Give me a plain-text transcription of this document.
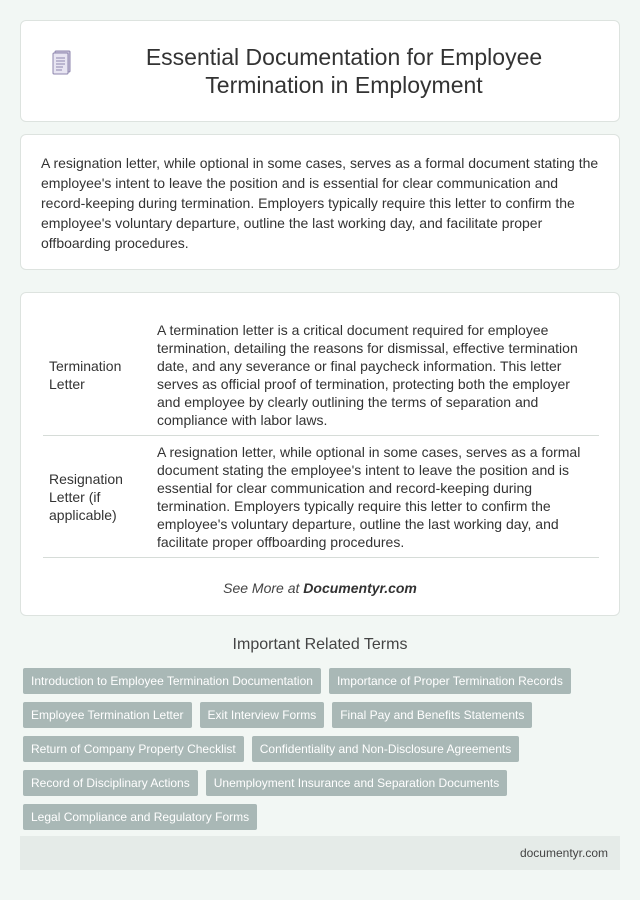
Essential Documentation for Employee Termination in Employment

A resignation letter, while optional in some cases, serves as a formal document stating the employee's intent to leave the position and is essential for clear communication and record-keeping during termination. Employers typically require this letter to confirm the employee's voluntary departure, outline the last working day, and facilitate proper offboarding procedures.

Termination Letter	A termination letter is a critical document required for employee termination, detailing the reasons for dismissal, effective termination date, and any severance or final paycheck information. This letter serves as official proof of termination, protecting both the employer and employee by clearly outlining the terms of separation and compliance with labor laws.
Resignation Letter (if applicable)	A resignation letter, while optional in some cases, serves as a formal document stating the employee's intent to leave the position and is essential for clear communication and record-keeping during termination. Employers typically require this letter to confirm the employee's voluntary departure, outline the last working day, and facilitate proper offboarding procedures.
See More at Documentyr.com
Important Related Terms
Introduction to Employee Termination Documentation	Importance of Proper Termination Records
Employee Termination Letter	Exit Interview Forms	Final Pay and Benefits Statements
Return of Company Property Checklist	Confidentiality and Non-Disclosure Agreements
Record of Disciplinary Actions	Unemployment Insurance and Separation Documents
Legal Compliance and Regulatory Forms
documentyr.com
